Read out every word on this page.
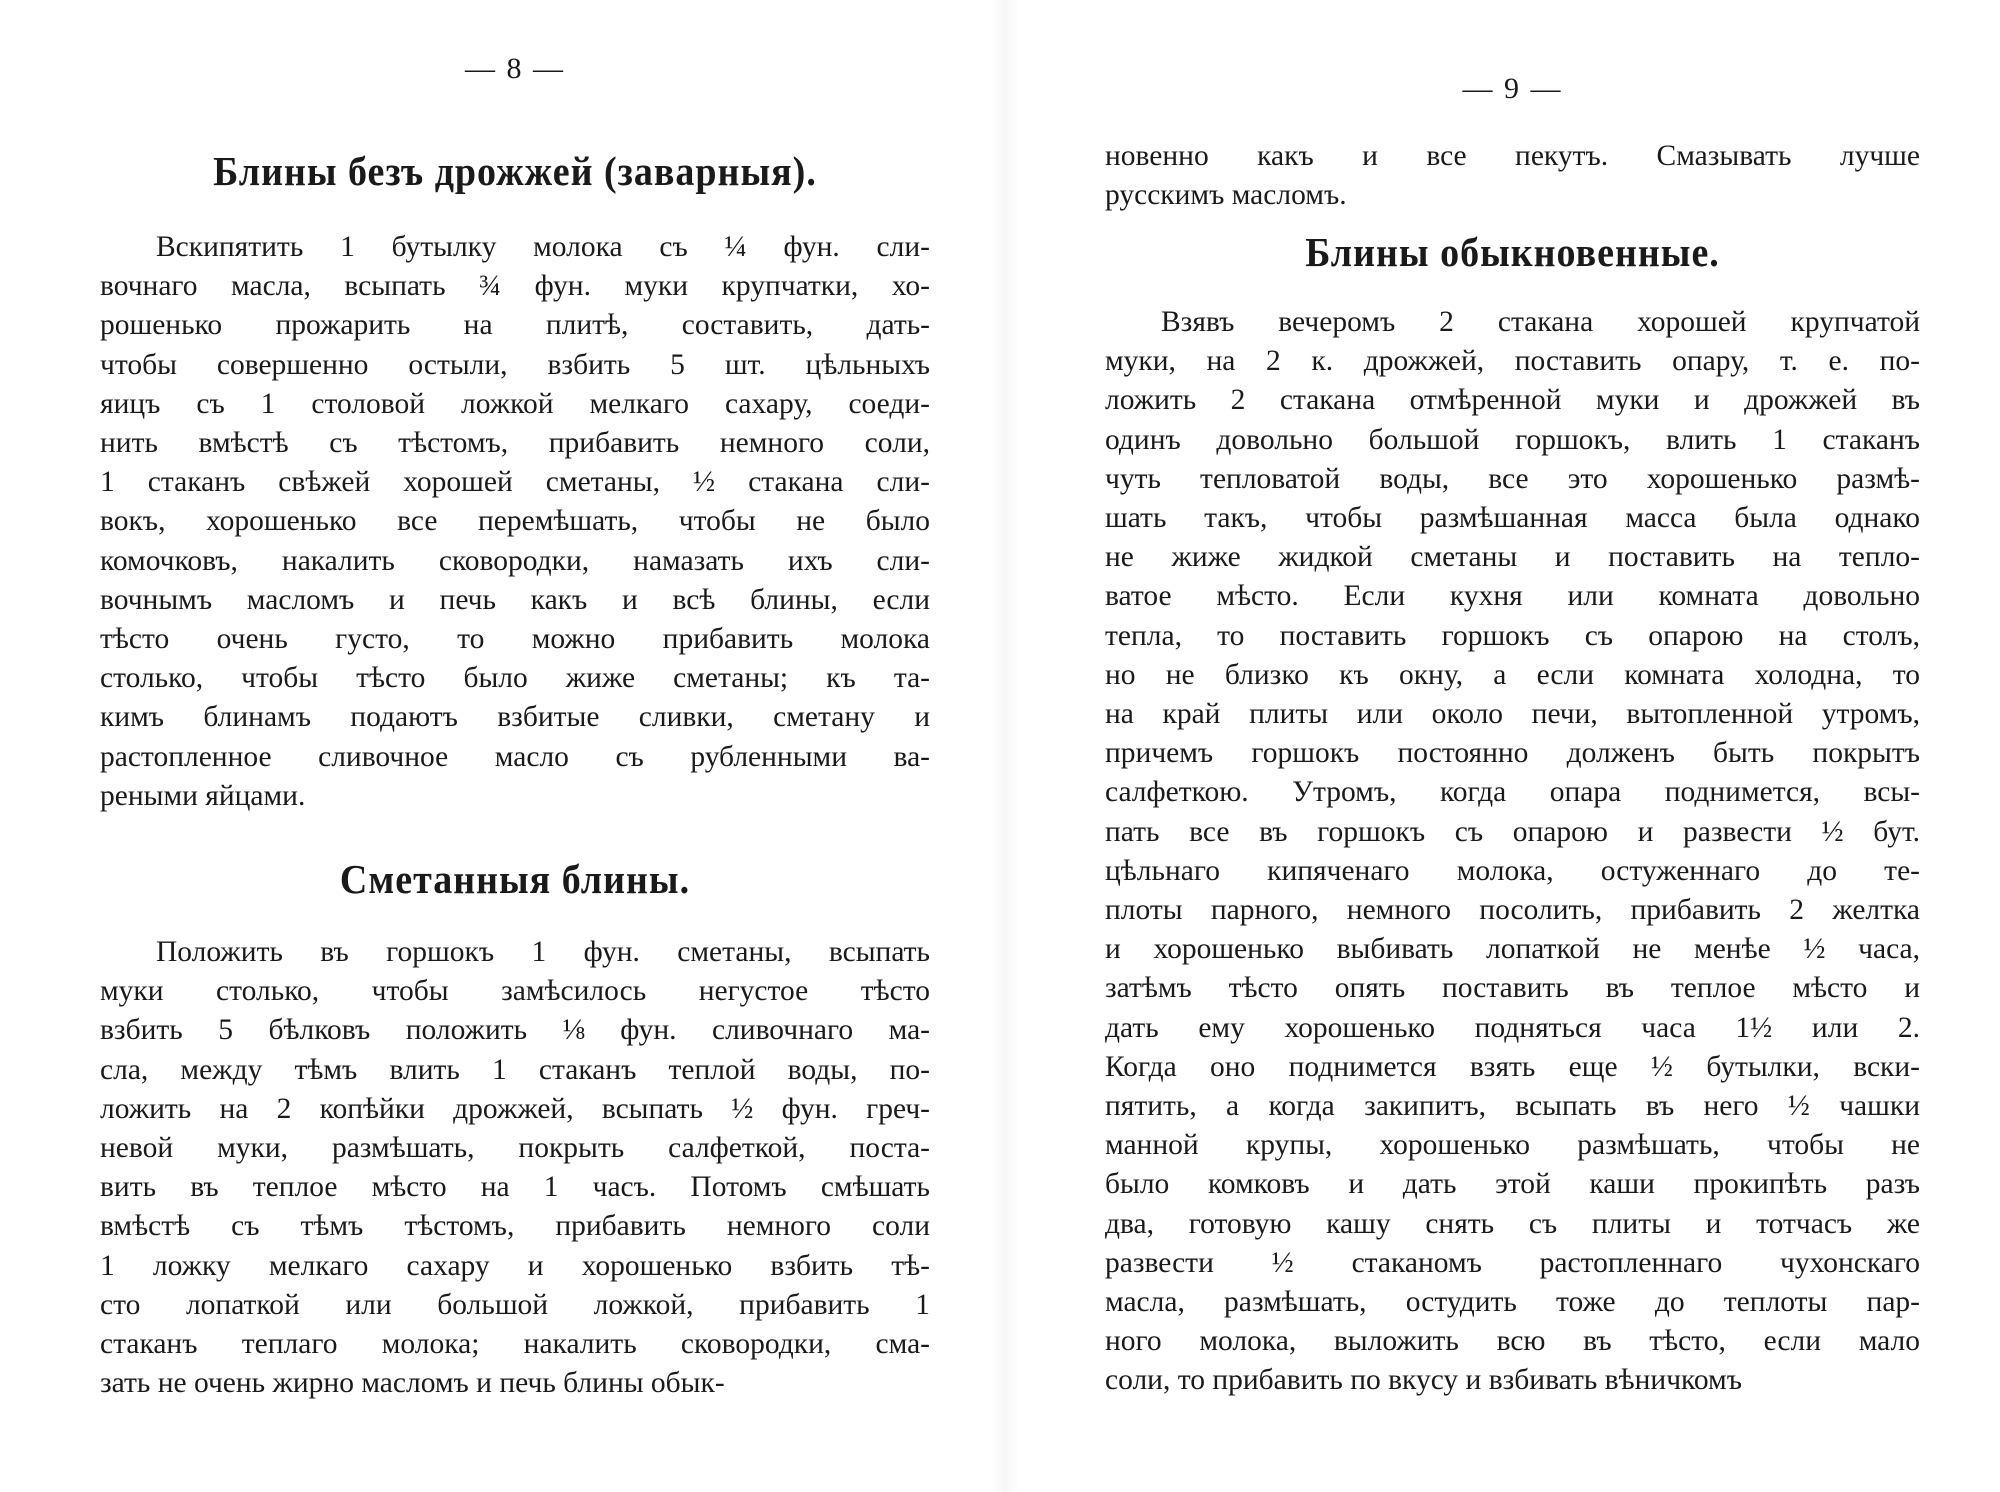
— 8 —
Блины безъ дрожжей (заварныя).
Вскипятить 1 бутылку молока съ ¼ фун. сли-
вочнаго масла, всыпать ¾ фун. муки крупчатки, хо-
рошенько прожарить на плитѣ, составить, дать-
чтобы совершенно остыли, взбить 5 шт. цѣльныхъ
яицъ съ 1 столовой ложкой мелкаго сахару, соеди-
нить вмѣстѣ съ тѣстомъ, прибавить немного соли,
1 стаканъ свѣжей хорошей сметаны, ½ стакана сли-
вокъ, хорошенько все перемѣшать, чтобы не было
комочковъ, накалить сковородки, намазать ихъ сли-
вочнымъ масломъ и печь какъ и всѣ блины, если
тѣсто очень густо, то можно прибавить молока
столько, чтобы тѣсто было жиже сметаны; къ та-
кимъ блинамъ подаютъ взбитые сливки, сметану и
растопленное сливочное масло съ рубленными ва-
реными яйцами.
Сметанныя блины.
Положить въ горшокъ 1 фун. сметаны, всыпать
муки столько, чтобы замѣсилось негустое тѣсто
взбить 5 бѣлковъ положить ⅛ фун. сливочнаго ма-
сла, между тѣмъ влить 1 стаканъ теплой воды, по-
ложить на 2 копѣйки дрожжей, всыпать ½ фун. греч-
невой муки, размѣшать, покрыть салфеткой, поста-
вить въ теплое мѣсто на 1 часъ. Потомъ смѣшать
вмѣстѣ съ тѣмъ тѣстомъ, прибавить немного соли
1 ложку мелкаго сахару и хорошенько взбить тѣ-
сто лопаткой или большой ложкой, прибавить 1
стаканъ теплаго молока; накалить сковородки, сма-
зать не очень жирно масломъ и печь блины обык-
— 9 —
новенно какъ и все пекутъ. Смазывать лучше
русскимъ масломъ.
Блины обыкновенные.
Взявъ вечеромъ 2 стакана хорошей крупчатой
муки, на 2 к. дрожжей, поставить опару, т. е. по-
ложить 2 стакана отмѣренной муки и дрожжей въ
одинъ довольно большой горшокъ, влить 1 стаканъ
чуть тепловатой воды, все это хорошенько размѣ-
шать такъ, чтобы размѣшанная масса была однако
не жиже жидкой сметаны и поставить на тепло-
ватое мѣсто. Если кухня или комната довольно
тепла, то поставить горшокъ съ опарою на столъ,
но не близко къ окну, а если комната холодна, то
на край плиты или около печи, вытопленной утромъ,
причемъ горшокъ постоянно долженъ быть покрытъ
салфеткою. Утромъ, когда опара поднимется, всы-
пать все въ горшокъ съ опарою и развести ½ бут.
цѣльнаго кипяченаго молока, остуженнаго до те-
плоты парного, немного посолить, прибавить 2 желтка
и хорошенько выбивать лопаткой не менѣе ½ часа,
затѣмъ тѣсто опять поставить въ теплое мѣсто и
дать ему хорошенько подняться часа 1½ или 2.
Когда оно поднимется взять еще ½ бутылки, вски-
пятить, а когда закипитъ, всыпать въ него ½ чашки
манной крупы, хорошенько размѣшать, чтобы не
было комковъ и дать этой каши прокипѣть разъ
два, готовую кашу снять съ плиты и тотчасъ же
развести ½ стаканомъ растопленнаго чухонскаго
масла, размѣшать, остудить тоже до теплоты пар-
ного молока, выложить всю въ тѣсто, если мало
соли, то прибавить по вкусу и взбивать вѣничкомъ
